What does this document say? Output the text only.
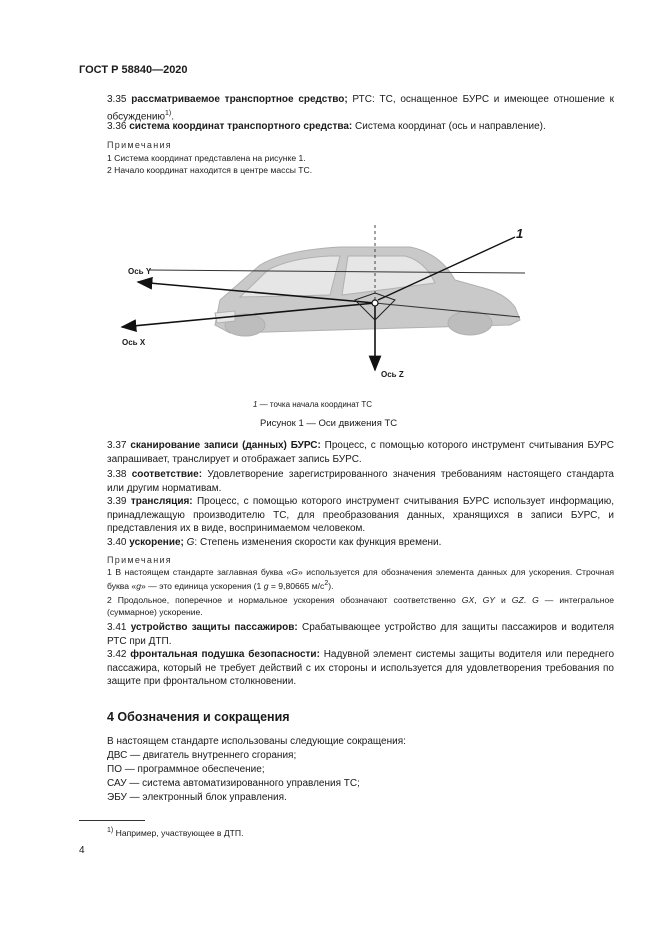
ГОСТ Р 58840—2020
3.35 рассматриваемое транспортное средство; РТС: ТС, оснащенное БУРС и имеющее отношение к обсуждению$^{1)}$.
3.36 система координат транспортного средства: Система координат (ось и направление).
Примечания
1 Система координат представлена на рисунке 1.
2 Начало координат находится в центре массы ТС.
Ось Y
Ось X
Ось Z
1
1 — точка начала координат ТС
Рисунок 1 — Оси движения ТС
3.37 сканирование записи (данных) БУРС: Процесс, с помощью которого инструмент считывания БУРС запрашивает, транслирует и отображает запись БУРС.
3.38 соответствие: Удовлетворение зарегистрированного значения требованиям настоящего стандарта или другим нормативам.
3.39 трансляция: Процесс, с помощью которого инструмент считывания БУРС использует информацию, принадлежащую производителю ТС, для преобразования данных, хранящихся в записи БУРС, и представления их в виде, воспринимаемом человеком.
3.40 ускорение; G: Степень изменения скорости как функция времени.
Примечания
1 В настоящем стандарте заглавная буква «G» используется для обозначения элемента данных для ускорения. Строчная буква «g» — это единица ускорения (1 g = 9,80665 $м/с^2$).
2 Продольное, поперечное и нормальное ускорения обозначают соответственно GX, GY и GZ. G — интегральное (суммарное) ускорение.
3.41 устройство защиты пассажиров: Срабатывающее устройство для защиты пассажиров и водителя РТС при ДТП.
3.42 фронтальная подушка безопасности: Надувной элемент системы защиты водителя или переднего пассажира, который не требует действий с их стороны и используется для удовлетворения требования по защите при фронтальном столкновении.
4 Обозначения и сокращения
В настоящем стандарте использованы следующие сокращения:
ДВС — двигатель внутреннего сгорания;
ПО — программное обеспечение;
САУ — система автоматизированного управления ТС;
ЭБУ — электронный блок управления.
$^{1)}$ Например, участвующее в ДТП.
4
